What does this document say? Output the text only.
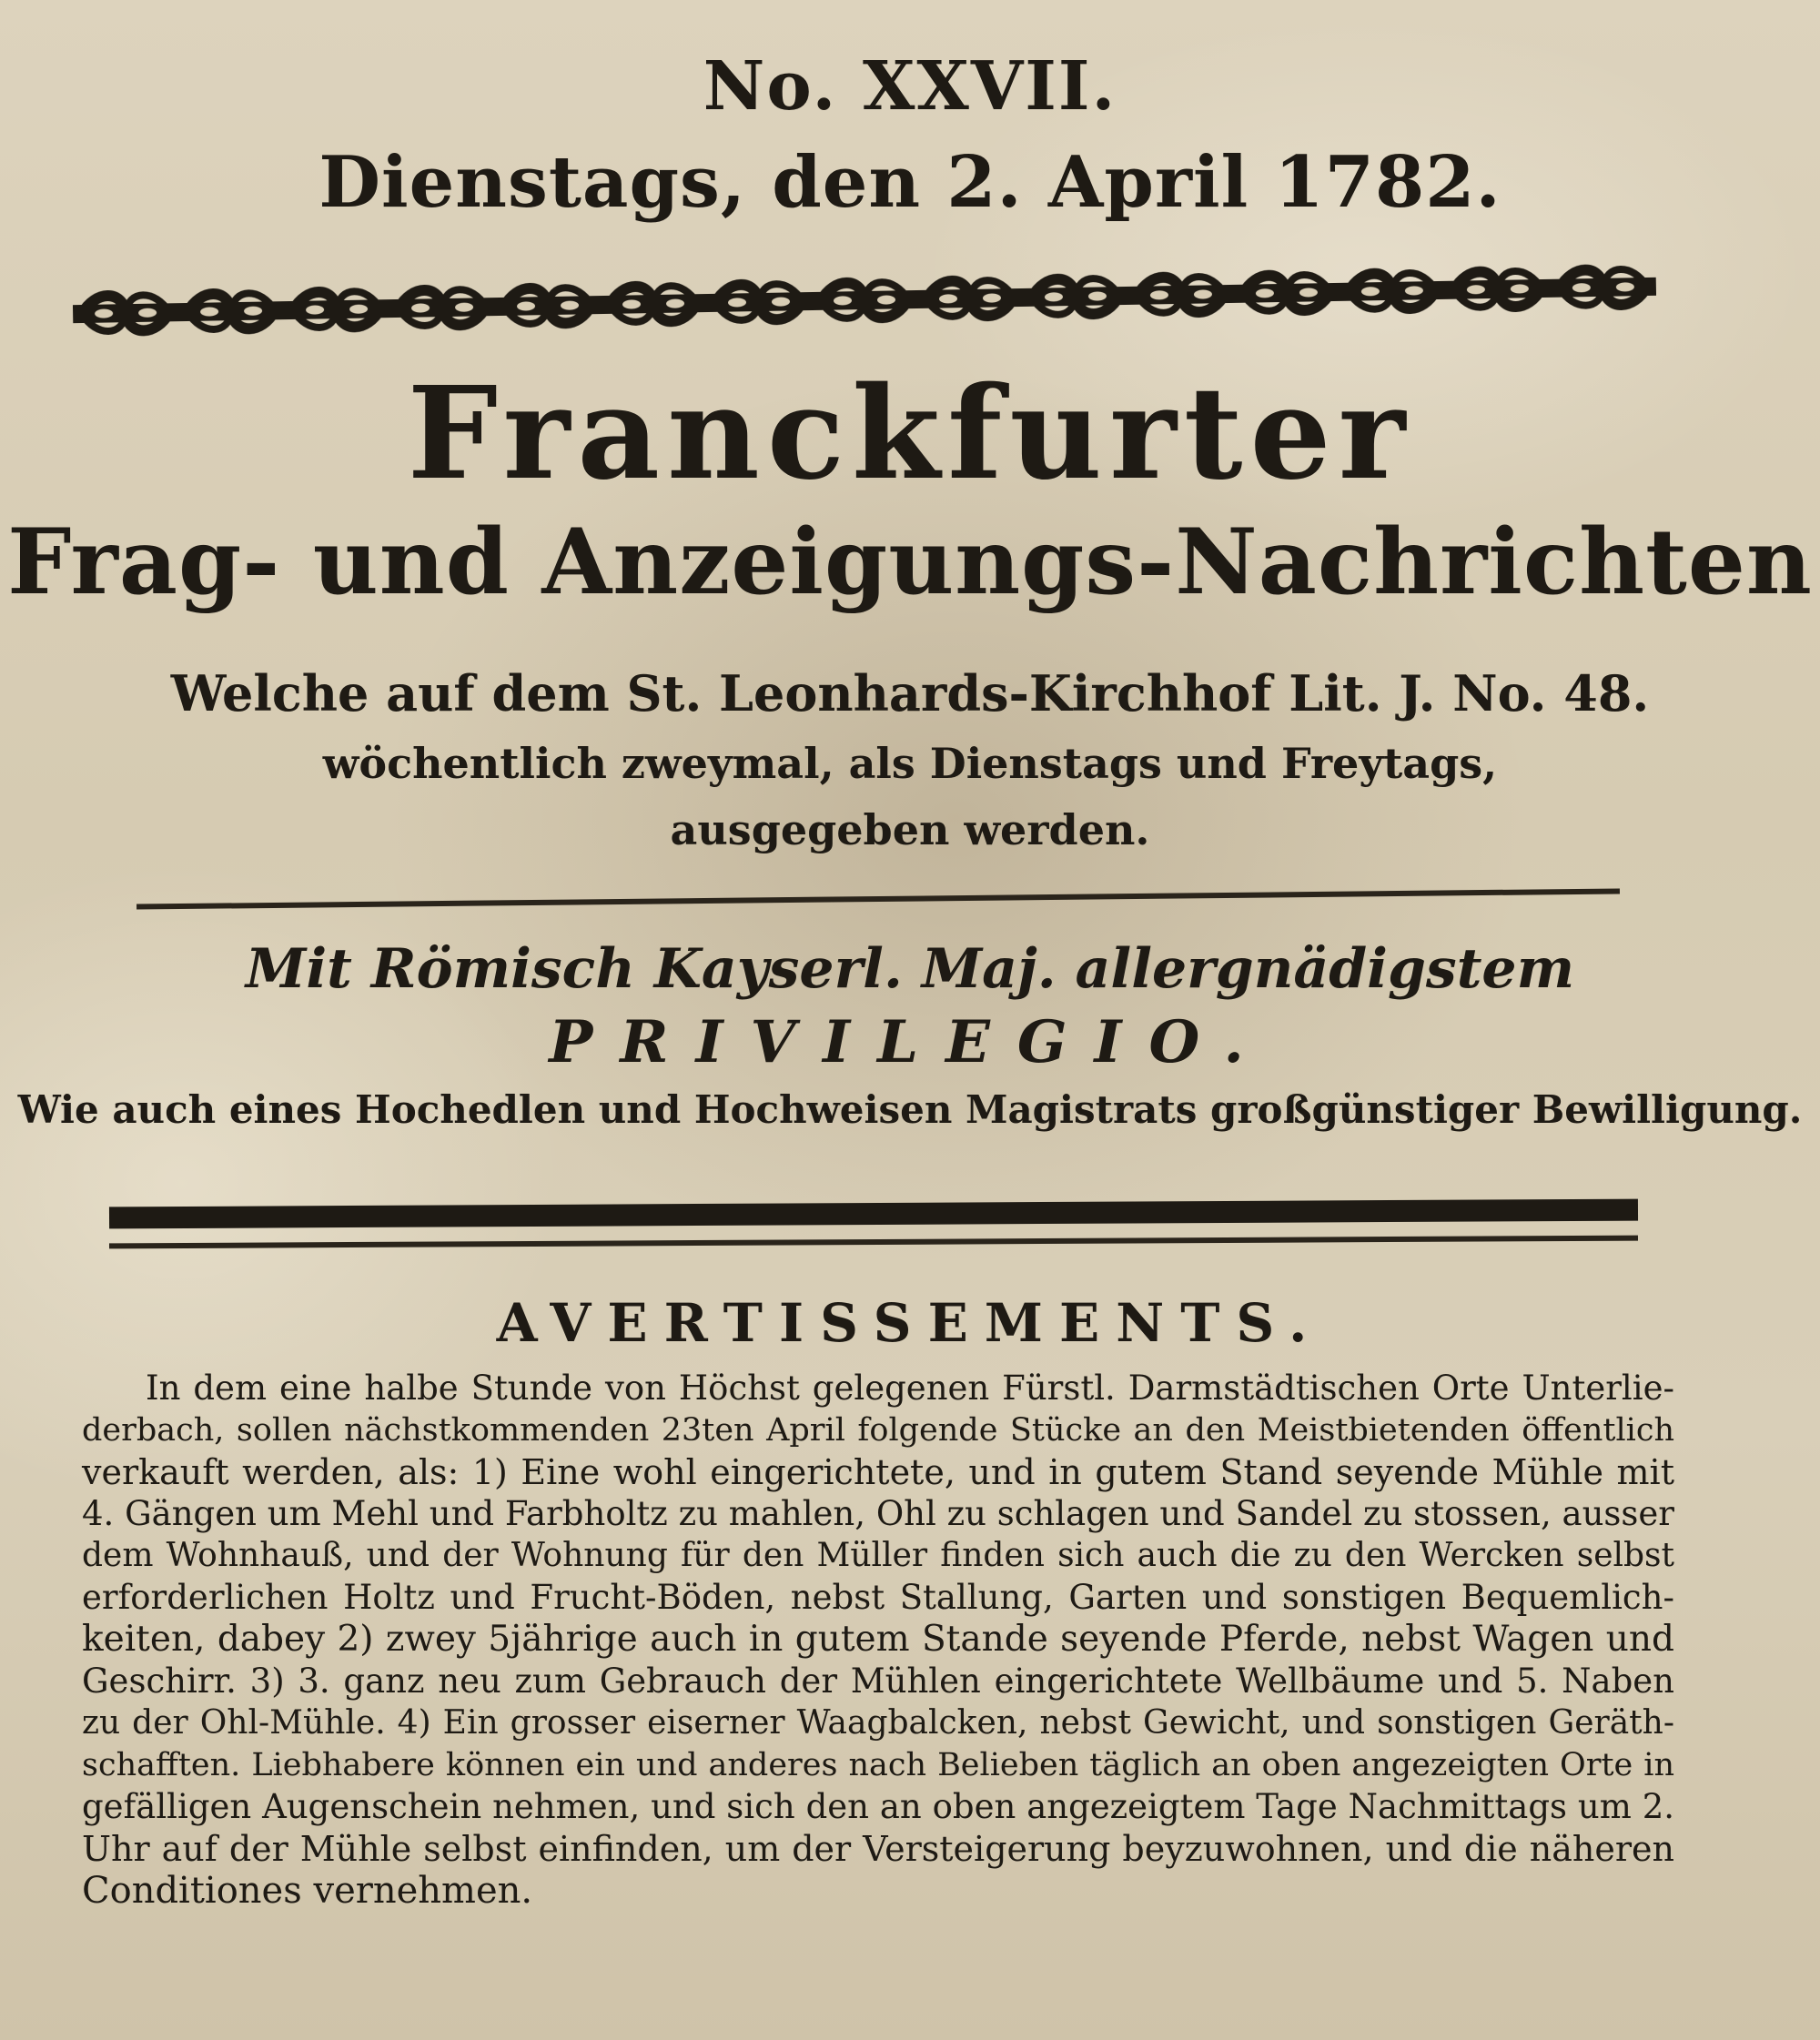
No. XXVII.
Dienstags, den 2. April 1782.
Franckfurter
Frag- und Anzeigungs-Nachrichten
Welche auf dem St. Leonhards-Kirchhof Lit. J. No. 48.
wöchentlich zweymal, als Dienstags und Freytags,
ausgegeben werden.
Mit Römisch Kayserl. Maj. allergnädigstem
PRIVILEGIO.
Wie auch eines Hochedlen und Hochweisen Magistrats großgünstiger Bewilligung.
AVERTISSEMENTS.
In dem eine halbe Stunde von Höchst gelegenen Fürstl. Darmstädtischen Orte Unterlie-
derbach, sollen nächstkommenden 23ten April folgende Stücke an den Meistbietenden öffentlich
verkauft werden, als: 1) Eine wohl eingerichtete, und in gutem Stand seyende Mühle mit
4. Gängen um Mehl und Farbholtz zu mahlen, Ohl zu schlagen und Sandel zu stossen, ausser
dem Wohnhauß, und der Wohnung für den Müller finden sich auch die zu den Wercken selbst
erforderlichen Holtz und Frucht-Böden, nebst Stallung, Garten und sonstigen Bequemlich-
keiten, dabey 2) zwey 5jährige auch in gutem Stande seyende Pferde, nebst Wagen und
Geschirr. 3) 3. ganz neu zum Gebrauch der Mühlen eingerichtete Wellbäume und 5. Naben
zu der Ohl-Mühle. 4) Ein grosser eiserner Waagbalcken, nebst Gewicht, und sonstigen Geräth-
schafften. Liebhabere können ein und anderes nach Belieben täglich an oben angezeigten Orte in
gefälligen Augenschein nehmen, und sich den an oben angezeigtem Tage Nachmittags um 2.
Uhr auf der Mühle selbst einfinden, um der Versteigerung beyzuwohnen, und die näheren
Conditiones vernehmen.
